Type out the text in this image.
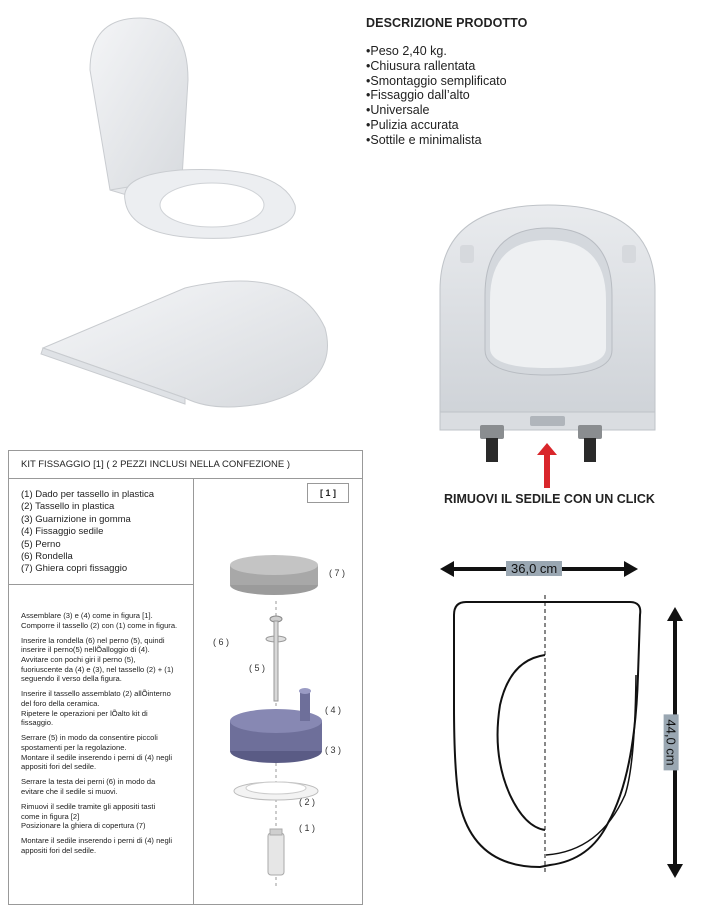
DESCRIZIONE PRODOTTO
• Peso 2,40 kg.
• Chiusura rallentata
• Smontaggio semplificato
• Fissaggio dall’alto
• Universale
• Pulizia accurata
• Sottile e minimalista
RIMUOVI IL SEDILE CON UN CLICK
KIT FISSAGGIO [1] ( 2 PEZZI INCLUSI NELLA CONFEZIONE )
[ 1 ]
(1) Dado per tassello in plastica
(2) Tassello in plastica
(3) Guarnizione in gomma
(4) Fissaggio sedile
(5) Perno
(6) Rondella
(7) Ghiera copri fissaggio

Assemblare (3) e (4) come in figura [1].
Comporre il tassello (2) con (1) come in figura.

Inserire la rondella (6) nel perno (5), quindi
inserire il perno(5) nellÕalloggio di (4).
Avvitare con pochi giri il perno (5),
fuoriuscente da (4) e (3), nel tassello (2) + (1)
seguendo il verso della figura.

Inserire il tassello assemblato (2) allÕinterno
del foro della ceramica.
Ripetere le operazioni per lÕalto kit di
fissaggio.

Serrare (5) in modo da consentire piccoli
spostamenti per la regolazione.
Montare il sedile inserendo i perni di (4) negli
appositi fori del sedile.

Serrare la testa dei perni (6) in modo da
evitare che il sedile si muovi.

Rimuovi il sedile tramite gli appositi tasti
come in figura [2]
Posizionare la ghiera di copertura (7)

Montare il sedile inserendo i perni di (4) negli
appositi fori del sedile.

( 7 )
( 6 )
( 5 )
( 4 )
( 3 )
( 2 )
( 1 )
36,0 cm
44,0 cm
